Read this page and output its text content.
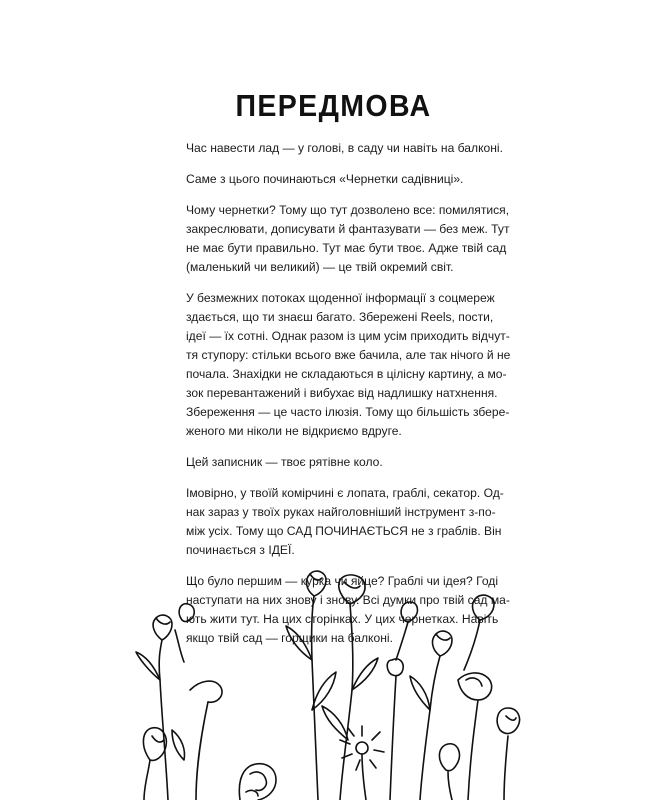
ПЕРЕДМОВА
Час навести лад — у голові, в саду чи навіть на балконі.
Саме з цього починаються «Чернетки садівниці».
Чому чернетки? Тому що тут дозволено все: помилятися,
закреслювати, дописувати й фантазувати — без меж. Тут
не має бути правильно. Тут має бути твоє. Адже твій сад
(маленький чи великий) — це твій окремий світ.
У безмежних потоках щоденної інформації з соцмереж
здається, що ти знаєш багато. Збережені Reels, пости,
ідеї — їх сотні. Однак разом із цим усім приходить відчут-
тя ступору: стільки всього вже бачила, але так нічого й не
почала. Знахідки не складаються в цілісну картину, а мо-
зок перевантажений і вибухає від надлишку натхнення.
Збереження — це часто ілюзія. Тому що більшість збере-
женого ми ніколи не відкриємо вдруге.
Цей записник — твоє рятівне коло.
Імовірно, у твоїй комірчині є лопата, граблі, секатор. Од-
нак зараз у твоїх руках найголовніший інструмент з-по-
між усіх. Тому що САД ПОЧИНАЄТЬСЯ не з граблів. Він
починається з ІДЕЇ.
Що було першим — курка чи яйце? Граблі чи ідея? Годі
наступати на них знову і знову. Всі думки про твій сад ма-
ють жити тут. На цих сторінках. У цих чернетках. Навіть
якщо твій сад — горщики на балконі.
